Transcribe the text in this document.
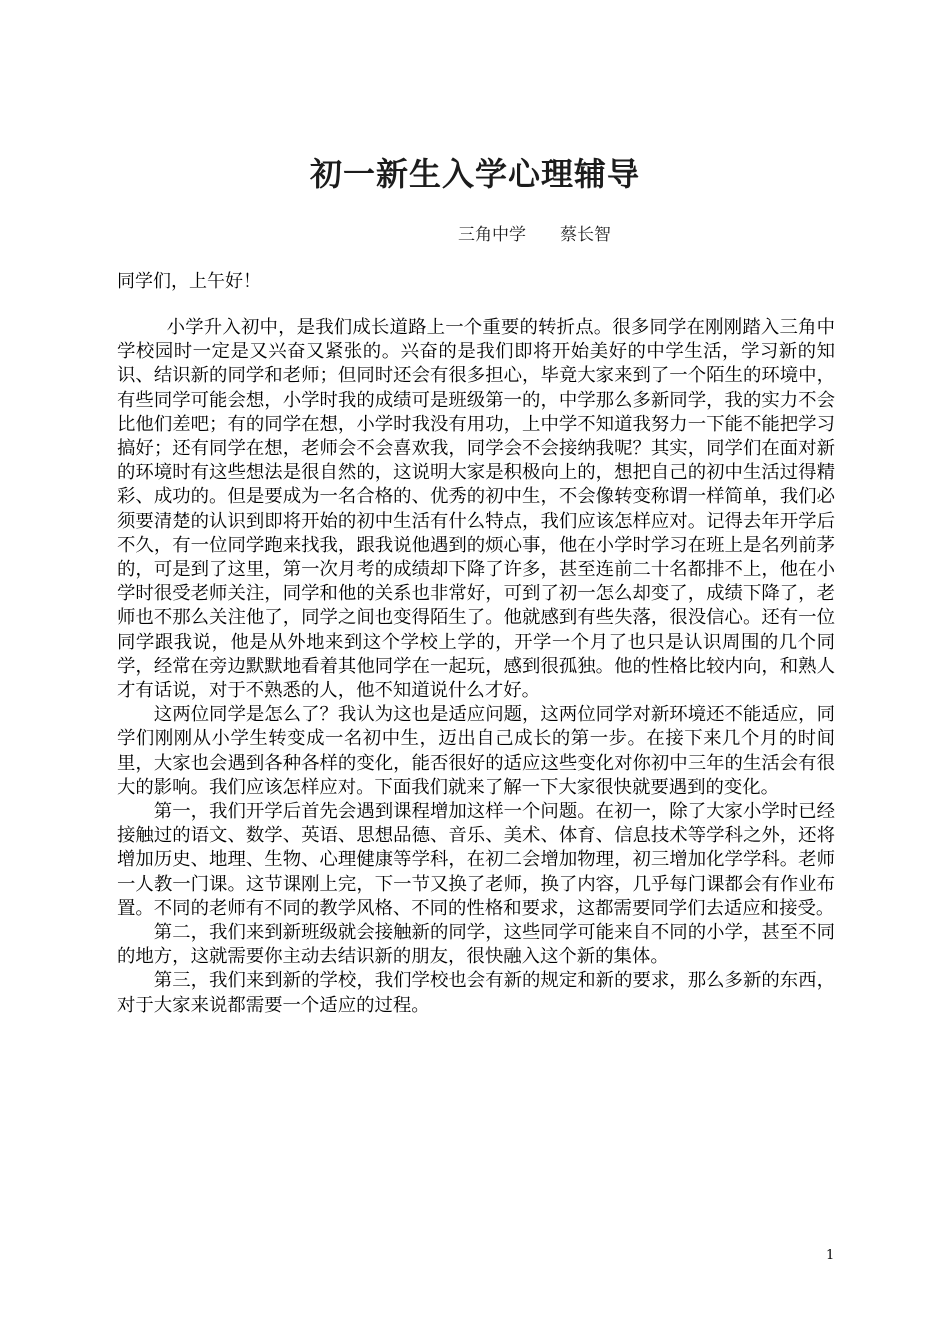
初一新生入学心理辅导
三角中学　　蔡长智
同学们，上午好！

小学升入初中，是我们成长道路上一个重要的转折点。很多同学在刚刚踏入三角中学校园时一定是又兴奋又紧张的。兴奋的是我们即将开始美好的中学生活，学习新的知识、结识新的同学和老师；但同时还会有很多担心，毕竟大家来到了一个陌生的环境中，有些同学可能会想，小学时我的成绩可是班级第一的，中学那么多新同学，我的实力不会比他们差吧；有的同学在想，小学时我没有用功，上中学不知道我努力一下能不能把学习搞好；还有同学在想，老师会不会喜欢我，同学会不会接纳我呢？其实，同学们在面对新的环境时有这些想法是很自然的，这说明大家是积极向上的，想把自己的初中生活过得精彩、成功的。但是要成为一名合格的、优秀的初中生，不会像转变称谓一样简单，我们必须要清楚的认识到即将开始的初中生活有什么特点，我们应该怎样应对。记得去年开学后不久，有一位同学跑来找我，跟我说他遇到的烦心事，他在小学时学习在班上是名列前茅的，可是到了这里，第一次月考的成绩却下降了许多，甚至连前二十名都排不上，他在小学时很受老师关注，同学和他的关系也非常好，可到了初一怎么却变了，成绩下降了，老师也不那么关注他了，同学之间也变得陌生了。他就感到有些失落，很没信心。还有一位同学跟我说，他是从外地来到这个学校上学的，开学一个月了也只是认识周围的几个同学，经常在旁边默默地看着其他同学在一起玩，感到很孤独。他的性格比较内向，和熟人才有话说，对于不熟悉的人，他不知道说什么才好。

这两位同学是怎么了？我认为这也是适应问题，这两位同学对新环境还不能适应，同学们刚刚从小学生转变成一名初中生，迈出自己成长的第一步。在接下来几个月的时间里，大家也会遇到各种各样的变化，能否很好的适应这些变化对你初中三年的生活会有很大的影响。我们应该怎样应对。下面我们就来了解一下大家很快就要遇到的变化。

第一，我们开学后首先会遇到课程增加这样一个问题。在初一，除了大家小学时已经接触过的语文、数学、英语、思想品德、音乐、美术、体育、信息技术等学科之外，还将增加历史、地理、生物、心理健康等学科，在初二会增加物理，初三增加化学学科。老师一人教一门课。这节课刚上完，下一节又换了老师，换了内容，几乎每门课都会有作业布置。不同的老师有不同的教学风格、不同的性格和要求，这都需要同学们去适应和接受。

第二，我们来到新班级就会接触新的同学，这些同学可能来自不同的小学，甚至不同的地方，这就需要你主动去结识新的朋友，很快融入这个新的集体。

第三，我们来到新的学校，我们学校也会有新的规定和新的要求，那么多新的东西，对于大家来说都需要一个适应的过程。

1
